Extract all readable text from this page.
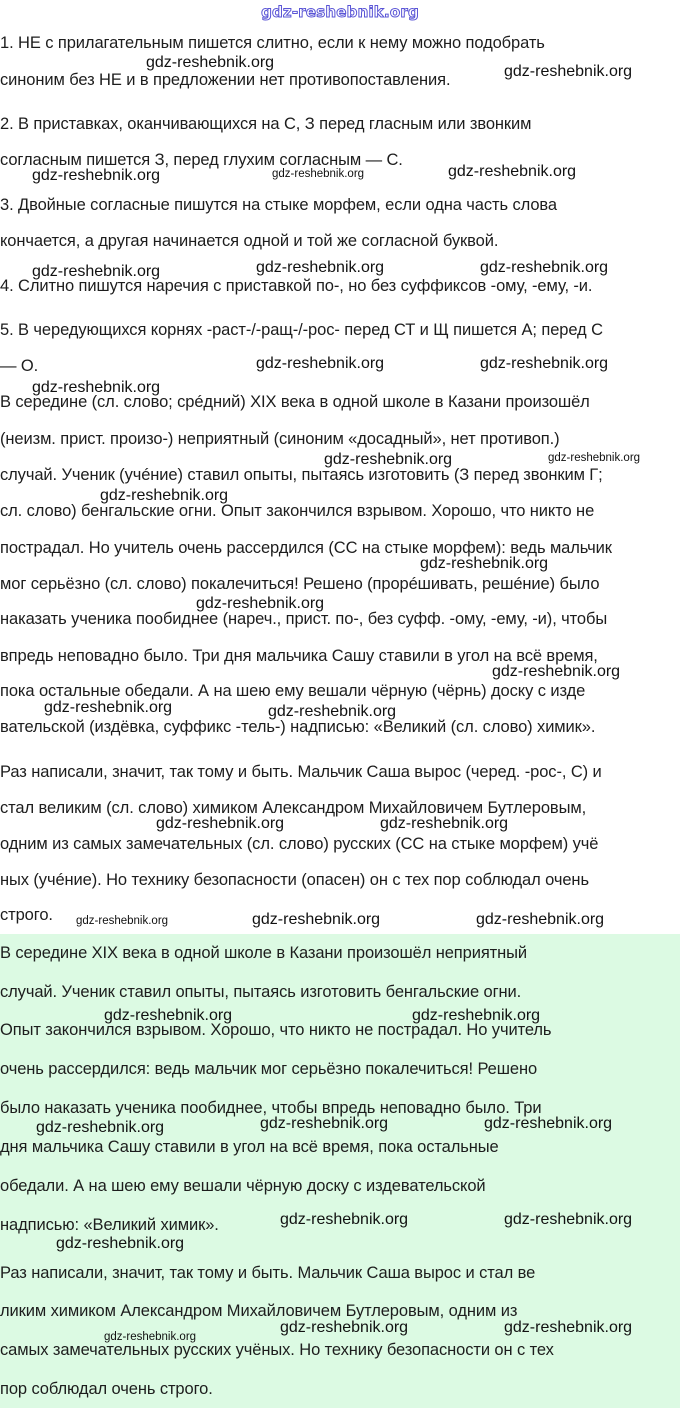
gdz-reshebnik.org
1. НЕ с прилагательным пишется слитно, если к нему можно подобрать
синоним без НЕ и в предложении нет противопоставления.
2. В приставках, оканчивающихся на С, З перед гласным или звонким
согласным пишется З, перед глухим согласным — С.
3. Двойные согласные пишутся на стыке морфем, если одна часть слова
кончается, а другая начинается одной и той же согласной буквой.
4. Слитно пишутся наречия с приставкой по-, но без суффиксов -ому, -ему, -и.
5. В чередующихся корнях -раст-/-ращ-/-рос- перед СТ и Щ пишется А; перед С
— О.
В середине (сл. слово; срéдний) XIX века в одной школе в Казани произошёл
(неизм. прист. произо-) неприятный (синоним «досадный», нет противоп.)
случай. Ученик (учéние) ставил опыты, пытаясь изготовить (З перед звонким Г;
сл. слово) бенгальские огни. Опыт закончился взрывом. Хорошо, что никто не
пострадал. Но учитель очень рассердился (СС на стыке морфем): ведь мальчик
мог серьёзно (сл. слово) покалечиться! Решено (прорéшивать, решéние) было
наказать ученика пообиднее (нареч., прист. по-, без суфф. -ому, -ему, -и), чтобы
впредь неповадно было. Три дня мальчика Сашу ставили в угол на всё время,
пока остальные обедали. А на шею ему вешали чёрную (чёрнь) доску с изде
вательской (издёвка, суффикс -тель-) надписью: «Великий (сл. слово) химик».
Раз написали, значит, так тому и быть. Мальчик Саша вырос (черед. -рос-, С) и
стал великим (сл. слово) химиком Александром Михайловичем Бутлеровым,
одним из самых замечательных (сл. слово) русских (СС на стыке морфем) учё
ных (учéние). Но технику безопасности (опасен) он с тех пор соблюдал очень
строго.
В середине XIX века в одной школе в Казани произошёл неприятный
случай. Ученик ставил опыты, пытаясь изготовить бенгальские огни.
Опыт закончился взрывом. Хорошо, что никто не пострадал. Но учитель
очень рассердился: ведь мальчик мог серьёзно покалечиться! Решено
было наказать ученика пообиднее, чтобы впредь неповадно было. Три
дня мальчика Сашу ставили в угол на всё время, пока остальные
обедали. А на шею ему вешали чёрную доску с издевательской
надписью: «Великий химик».
Раз написали, значит, так тому и быть. Мальчик Саша вырос и стал ве
ликим химиком Александром Михайловичем Бутлеровым, одним из
самых замечательных русских учёных. Но технику безопасности он с тех
пор соблюдал очень строго.
gdz-reshebnik.org
gdz-reshebnik.org
gdz-reshebnik.org	gdz-reshebnik.org	gdz-reshebnik.org
gdz-reshebnik.org	gdz-reshebnik.org	gdz-reshebnik.org
gdz-reshebnik.org	gdz-reshebnik.org
gdz-reshebnik.org
gdz-reshebnik.org	gdz-reshebnik.org
gdz-reshebnik.org
gdz-reshebnik.org
gdz-reshebnik.org
gdz-reshebnik.org
gdz-reshebnik.org	gdz-reshebnik.org
gdz-reshebnik.org	gdz-reshebnik.org
gdz-reshebnik.org	gdz-reshebnik.org	gdz-reshebnik.org
gdz-reshebnik.org	gdz-reshebnik.org
gdz-reshebnik.org	gdz-reshebnik.org	gdz-reshebnik.org
gdz-reshebnik.org	gdz-reshebnik.org
gdz-reshebnik.org
gdz-reshebnik.org	gdz-reshebnik.org
gdz-reshebnik.org
